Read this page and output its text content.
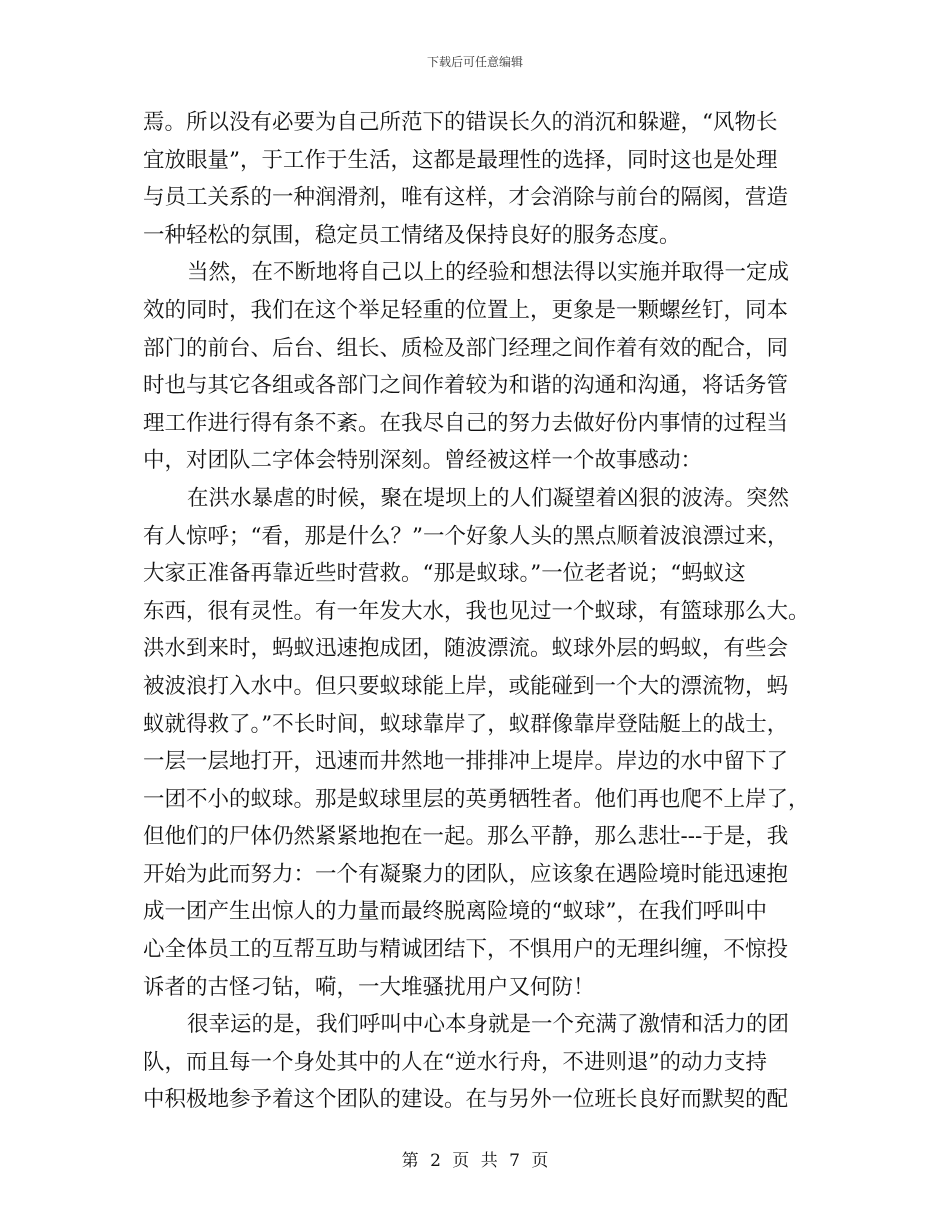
下载后可任意编辑
焉。所以没有必要为自己所范下的错误长久的消沉和躲避，“风物长
宜放眼量”，于工作于生活，这都是最理性的选择，同时这也是处理
与员工关系的一种润滑剂，唯有这样，才会消除与前台的隔阂，营造
一种轻松的氛围，稳定员工情绪及保持良好的服务态度。
当然，在不断地将自己以上的经验和想法得以实施并取得一定成
效的同时，我们在这个举足轻重的位置上，更象是一颗螺丝钉，同本
部门的前台、后台、组长、质检及部门经理之间作着有效的配合，同
时也与其它各组或各部门之间作着较为和谐的沟通和沟通，将话务管
理工作进行得有条不紊。在我尽自己的努力去做好份内事情的过程当
中，对团队二字体会特别深刻。曾经被这样一个故事感动：
在洪水暴虐的时候，聚在堤坝上的人们凝望着凶狠的波涛。突然
有人惊呼；“看，那是什么？”一个好象人头的黑点顺着波浪漂过来，
大家正准备再靠近些时营救。“那是蚁球。”一位老者说；“蚂蚁这
东西，很有灵性。有一年发大水，我也见过一个蚁球，有篮球那么大。
洪水到来时，蚂蚁迅速抱成团，随波漂流。蚁球外层的蚂蚁，有些会
被波浪打入水中。但只要蚁球能上岸，或能碰到一个大的漂流物，蚂
蚁就得救了。”不长时间，蚁球靠岸了，蚁群像靠岸登陆艇上的战士，
一层一层地打开，迅速而井然地一排排冲上堤岸。岸边的水中留下了
一团不小的蚁球。那是蚁球里层的英勇牺牲者。他们再也爬不上岸了，
但他们的尸体仍然紧紧地抱在一起。那么平静，那么悲壮---于是，我
开始为此而努力：一个有凝聚力的团队，应该象在遇险境时能迅速抱
成一团产生出惊人的力量而最终脱离险境的“蚁球”，在我们呼叫中
心全体员工的互帮互助与精诚团结下，不惧用户的无理纠缠，不惊投
诉者的古怪刁钻，嗬，一大堆骚扰用户又何防！
很幸运的是，我们呼叫中心本身就是一个充满了激情和活力的团
队，而且每一个身处其中的人在“逆水行舟，不进则退”的动力支持
中积极地参予着这个团队的建设。在与另外一位班长良好而默契的配
第 2 页 共 7 页
